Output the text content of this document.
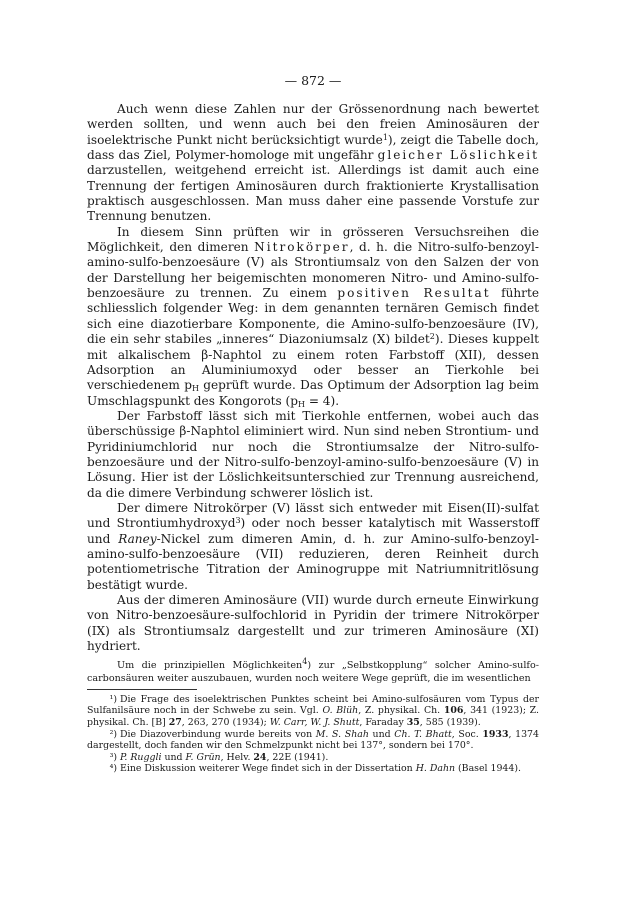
— 872 —

Auch wenn diese Zahlen nur der Grössenordnung nach bewertet werden sollten, und wenn auch bei den freien Aminosäuren der isoelektrische Punkt nicht berücksichtigt wurde$^1$), zeigt die Tabelle doch, dass das Ziel, Polymer-homologe mit ungefähr gleicher Löslichkeit darzustellen, weitgehend erreicht ist. Allerdings ist damit auch eine Trennung der fertigen Aminosäuren durch fraktionierte Krystallisation praktisch ausgeschlossen. Man muss daher eine passende Vorstufe zur Trennung benutzen.

In diesem Sinn prüften wir in grösseren Versuchsreihen die Möglichkeit, den dimeren Nitrokörper, d. h. die Nitro-sulfo-benzoyl-amino-sulfo-benzoesäure (V) als Strontiumsalz von den Salzen der von der Darstellung her beigemischten monomeren Nitro- und Amino-sulfo-benzoesäure zu trennen. Zu einem positiven Resultat führte schliesslich folgender Weg: in dem genannten ternären Gemisch findet sich eine diazotierbare Komponente, die Amino-sulfo-benzoesäure (IV), die ein sehr stabiles „inneres“ Diazoniumsalz (X) bildet$^2$). Dieses kuppelt mit alkalischem β-Naphtol zu einem roten Farbstoff (XII), dessen Adsorption an Aluminiumoxyd oder besser an Tierkohle bei verschiedenem $p_H$ geprüft wurde. Das Optimum der Adsorption lag beim Umschlagspunkt des Kongorots $(p_H = 4)$.

Der Farbstoff lässt sich mit Tierkohle entfernen, wobei auch das überschüssige β-Naphtol eliminiert wird. Nun sind neben Strontium- und Pyridiniumchlorid nur noch die Strontiumsalze der Nitro-sulfo-benzoesäure und der Nitro-sulfo-benzoyl-amino-sulfo-benzoesäure (V) in Lösung. Hier ist der Löslichkeitsunterschied zur Trennung ausreichend, da die dimere Verbindung schwerer löslich ist.

Der dimere Nitrokörper (V) lässt sich entweder mit Eisen(II)-sulfat und Strontiumhydroxyd$^3$) oder noch besser katalytisch mit Wasserstoff und Raney-Nickel zum dimeren Amin, d. h. zur Amino-sulfo-benzoyl-amino-sulfo-benzoesäure (VII) reduzieren, deren Reinheit durch potentiometrische Titration der Aminogruppe mit Natriumnitritlösung bestätigt wurde.

Aus der dimeren Aminosäure (VII) wurde durch erneute Einwirkung von Nitro-benzoesäure-sulfochlorid in Pyridin der trimere Nitrokörper (IX) als Strontiumsalz dargestellt und zur trimeren Aminosäure (XI) hydriert.

Um die prinzipiellen Möglichkeiten$^4$) zur „Selbstkopplung“ solcher Amino-sulfo-carbonsäuren weiter auszubauen, wurden noch weitere Wege geprüft, die im wesentlichen

¹) Die Frage des isoelektrischen Punktes scheint bei Amino-sulfosäuren vom Typus der Sulfanilsäure noch in der Schwebe zu sein. Vgl. O. Blüh, Z. physikal. Ch. 106, 341 (1923); Z. physikal. Ch. [B] 27, 263, 270 (1934); W. Carr, W. J. Shutt, Faraday 35, 585 (1939).

²) Die Diazoverbindung wurde bereits von M. S. Shah und Ch. T. Bhatt, Soc. 1933, 1374 dargestellt, doch fanden wir den Schmelzpunkt nicht bei 137°, sondern bei 170°.

³) P. Ruggli und F. Grün, Helv. 24, 22E (1941).

⁴) Eine Diskussion weiterer Wege findet sich in der Dissertation H. Dahn (Basel 1944).
